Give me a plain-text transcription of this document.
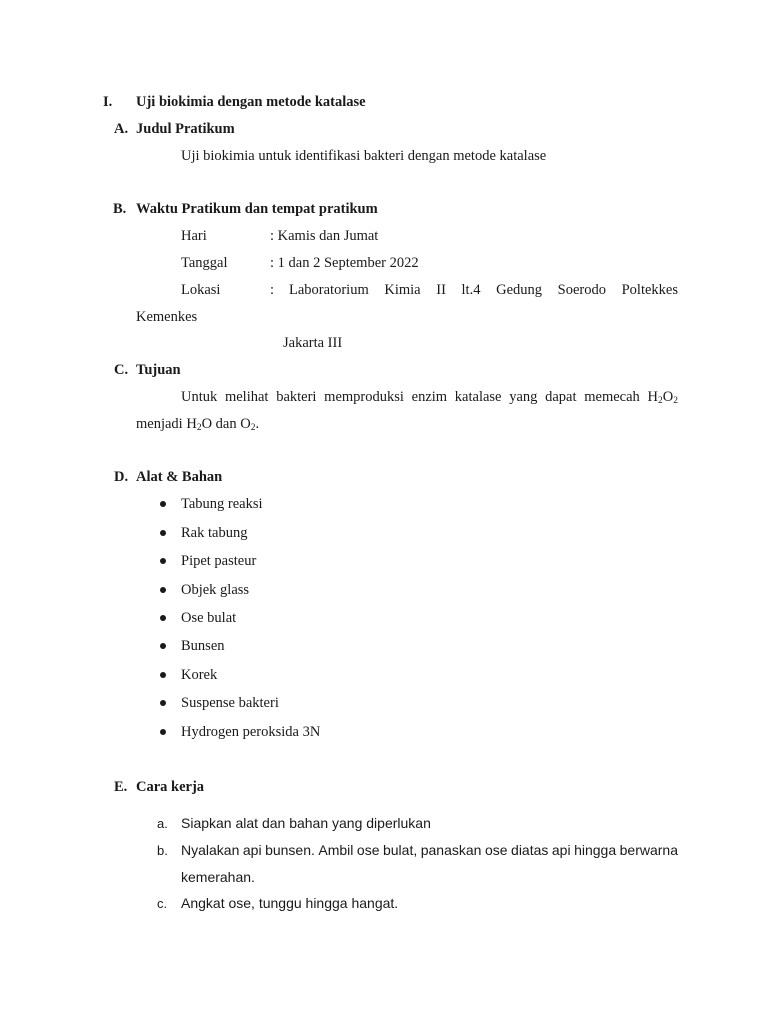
I. Uji biokimia dengan metode katalase
A. Judul Pratikum
Uji biokimia untuk identifikasi bakteri dengan metode katalase
B. Waktu Pratikum dan tempat pratikum
Hari	: Kamis dan Jumat
Tanggal	: 1 dan 2 September 2022
Lokasi	: Laboratorium Kimia II lt.4 Gedung Soerodo Poltekkes
Kemenkes
Jakarta III
C. Tujuan
Untuk melihat bakteri memproduksi enzim katalase yang dapat memecah $H_2O_2$
menjadi $H_2O$ dan $O_2$.
D. Alat & Bahan
Tabung reaksi
Rak tabung
Pipet pasteur
Objek glass
Ose bulat
Bunsen
Korek
Suspense bakteri
Hydrogen peroksida 3N
E. Cara kerja
a. Siapkan alat dan bahan yang diperlukan
b. Nyalakan api bunsen. Ambil ose bulat, panaskan ose diatas api hingga berwarna
kemerahan.
c. Angkat ose, tunggu hingga hangat.
